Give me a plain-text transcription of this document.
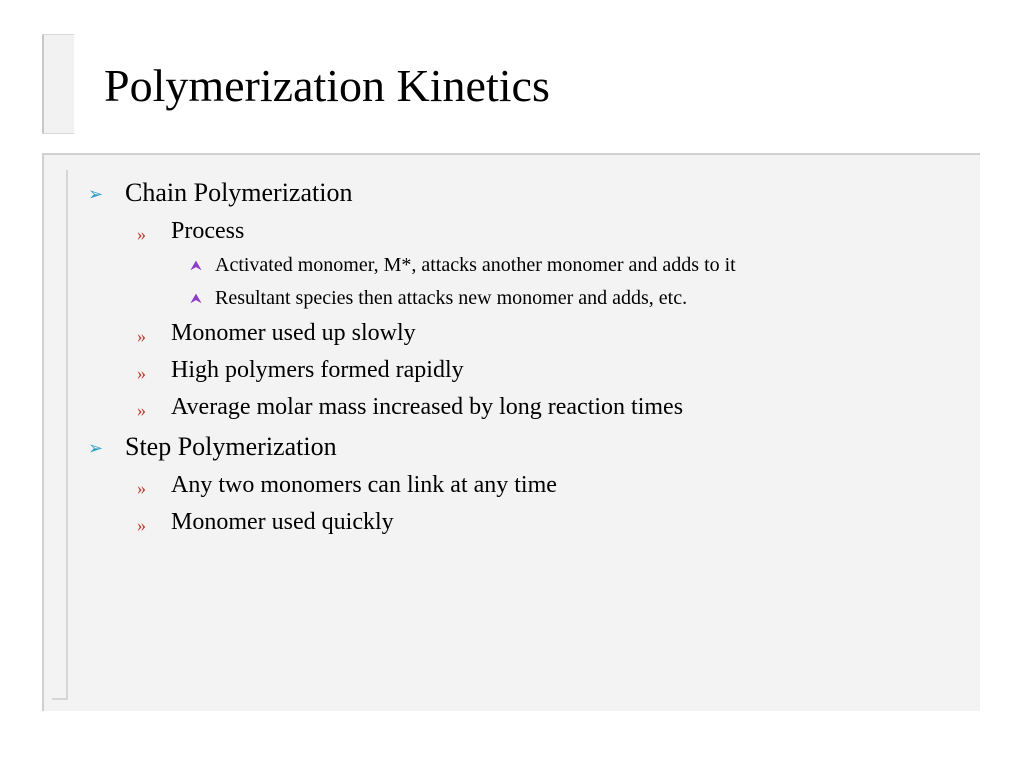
Polymerization Kinetics
➢ Chain Polymerization
» Process
⮝ Activated monomer, M*, attacks another monomer and adds to it
⮝ Resultant species then attacks new monomer and adds, etc.
» Monomer used up slowly
» High polymers formed rapidly
» Average molar mass increased by long reaction times
➢ Step Polymerization
» Any two monomers can link at any time
» Monomer used quickly
